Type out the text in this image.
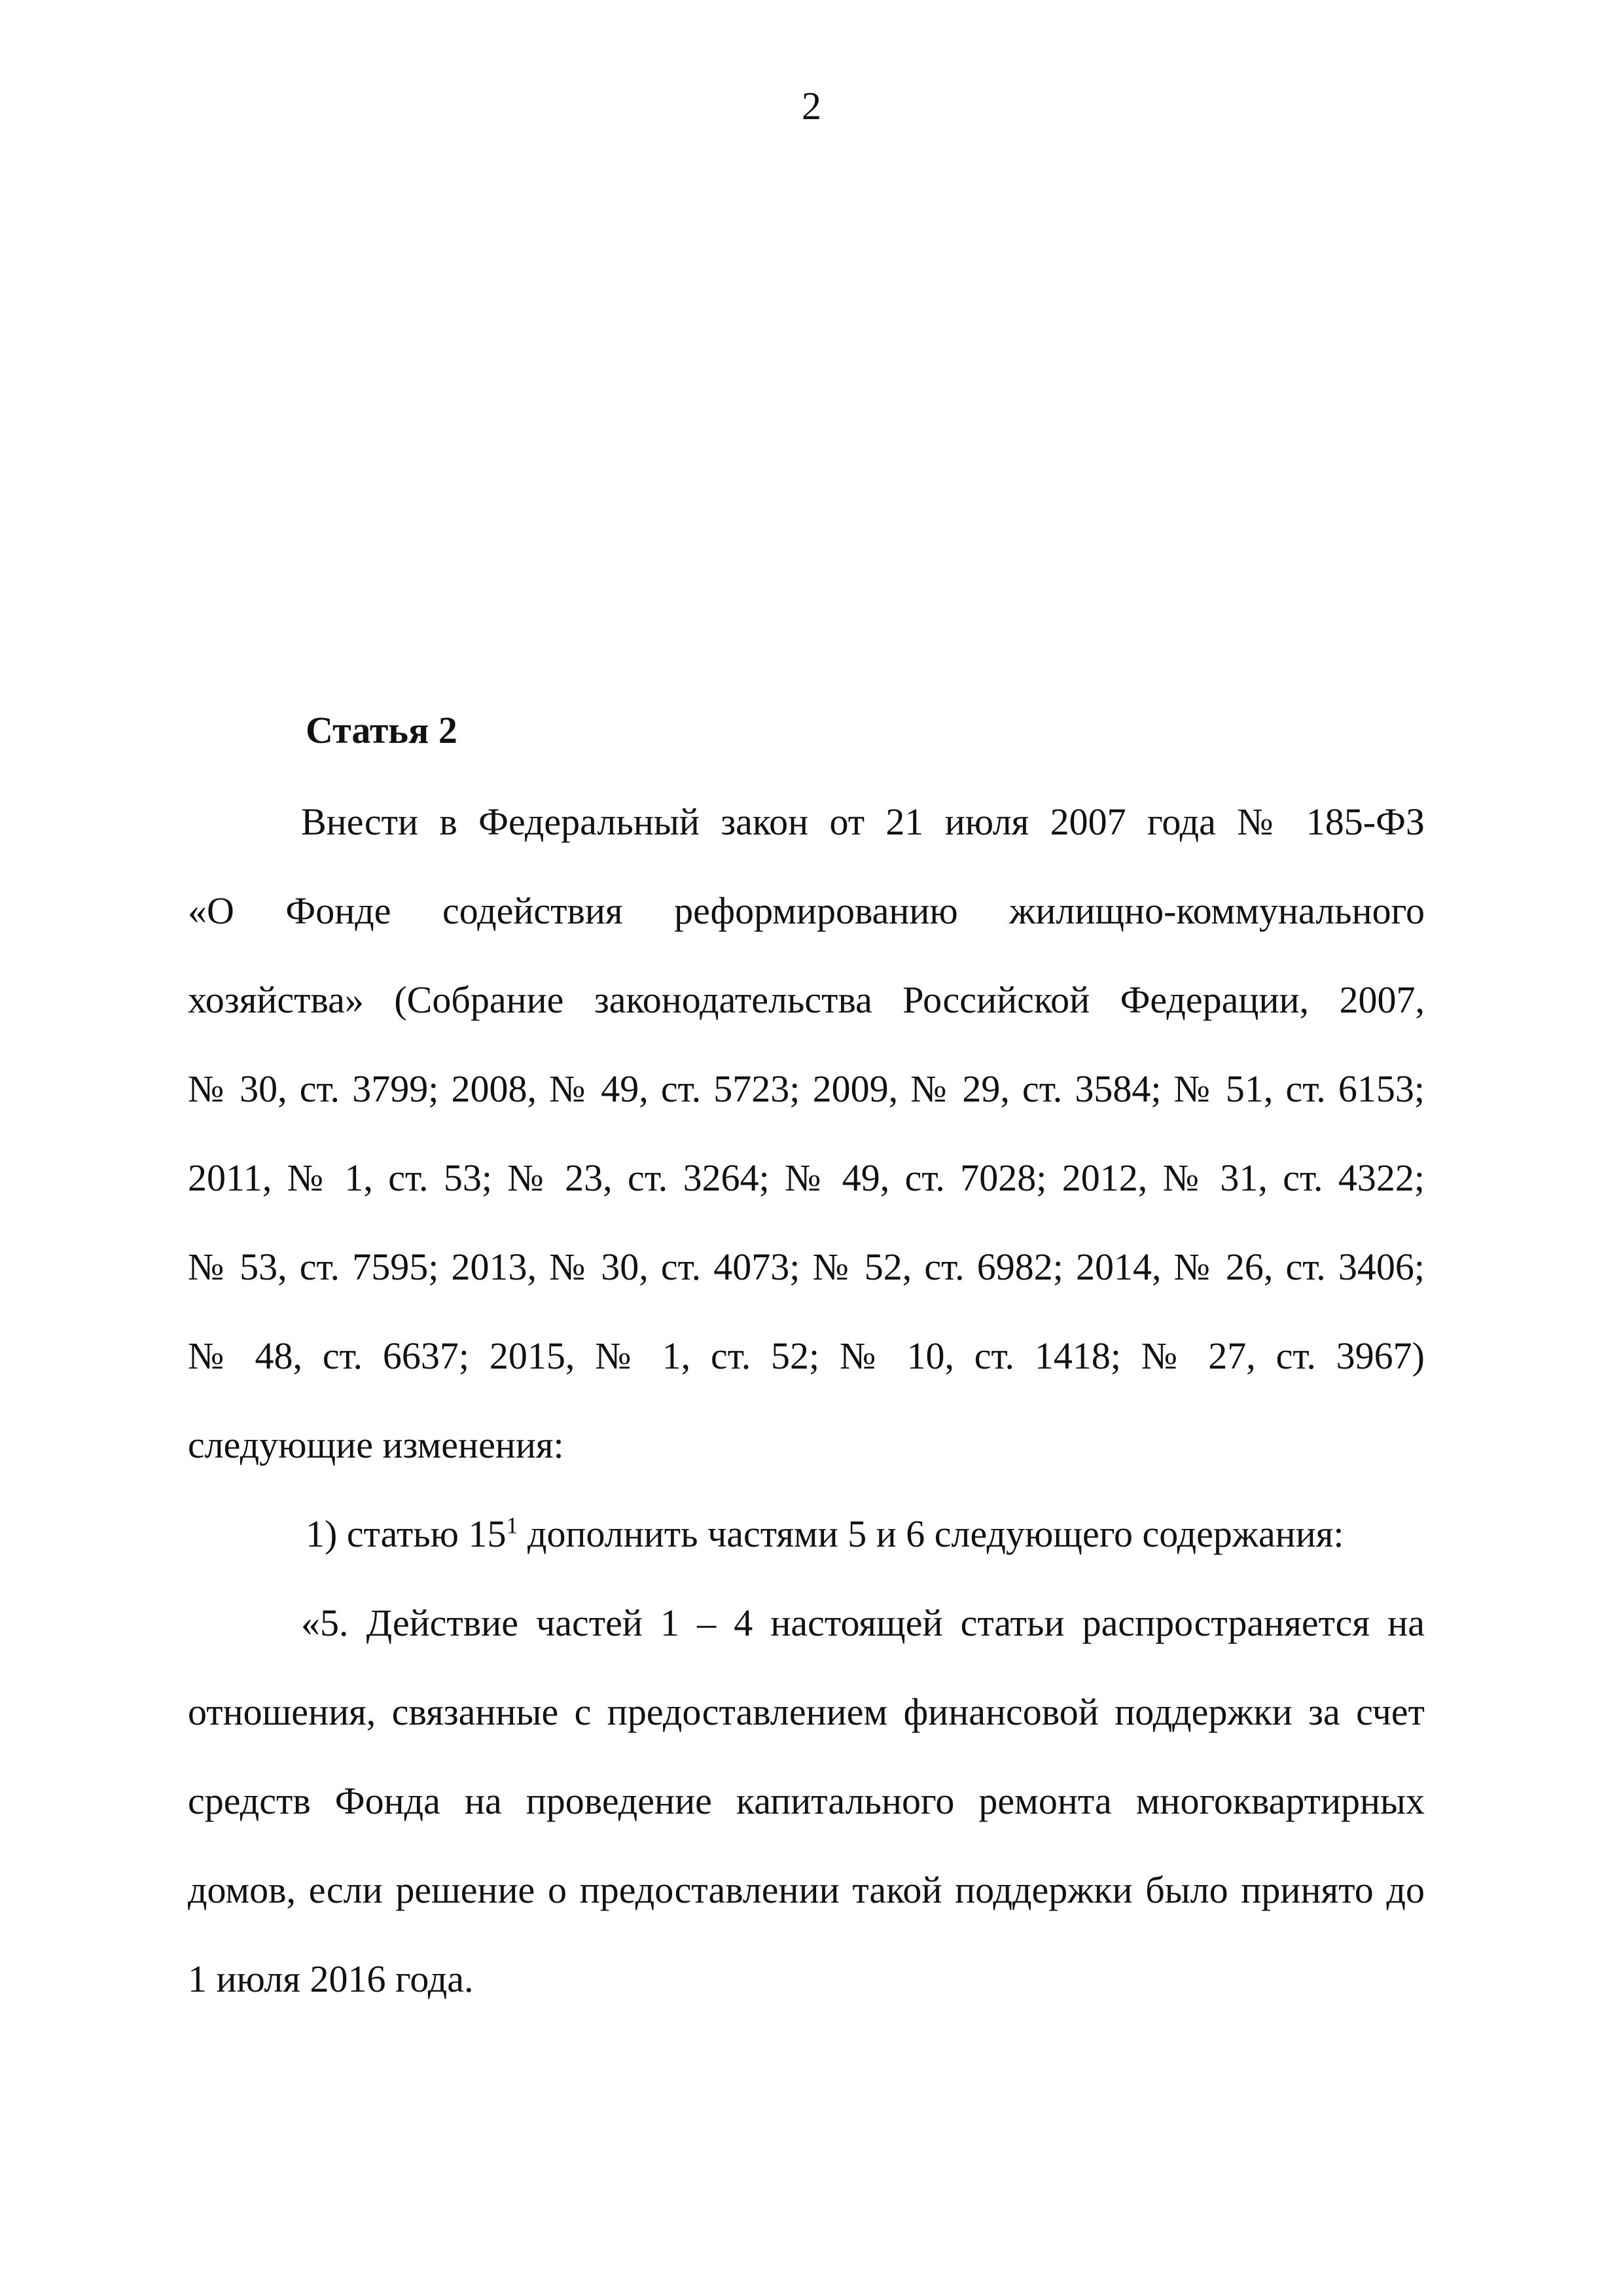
2
Статья 2
Внести в Федеральный закон от 21 июля 2007 года № 185-ФЗ
«О Фонде содействия реформированию жилищно-коммунального
хозяйства» (Собрание законодательства Российской Федерации, 2007,
№ 30, ст. 3799; 2008, № 49, ст. 5723; 2009, № 29, ст. 3584; № 51, ст. 6153;
2011, № 1, ст. 53; № 23, ст. 3264; № 49, ст. 7028; 2012, № 31, ст. 4322;
№ 53, ст. 7595; 2013, № 30, ст. 4073; № 52, ст. 6982; 2014, № 26, ст. 3406;
№ 48, ст. 6637; 2015, № 1, ст. 52; № 10, ст. 1418; № 27, ст. 3967)
следующие изменения:
1) статью $15^1$ дополнить частями 5 и 6 следующего содержания:
«5. Действие частей 1 – 4 настоящей статьи распространяется на
отношения, связанные с предоставлением финансовой поддержки за счет
средств Фонда на проведение капитального ремонта многоквартирных
домов, если решение о предоставлении такой поддержки было принято до
1 июля 2016 года.
